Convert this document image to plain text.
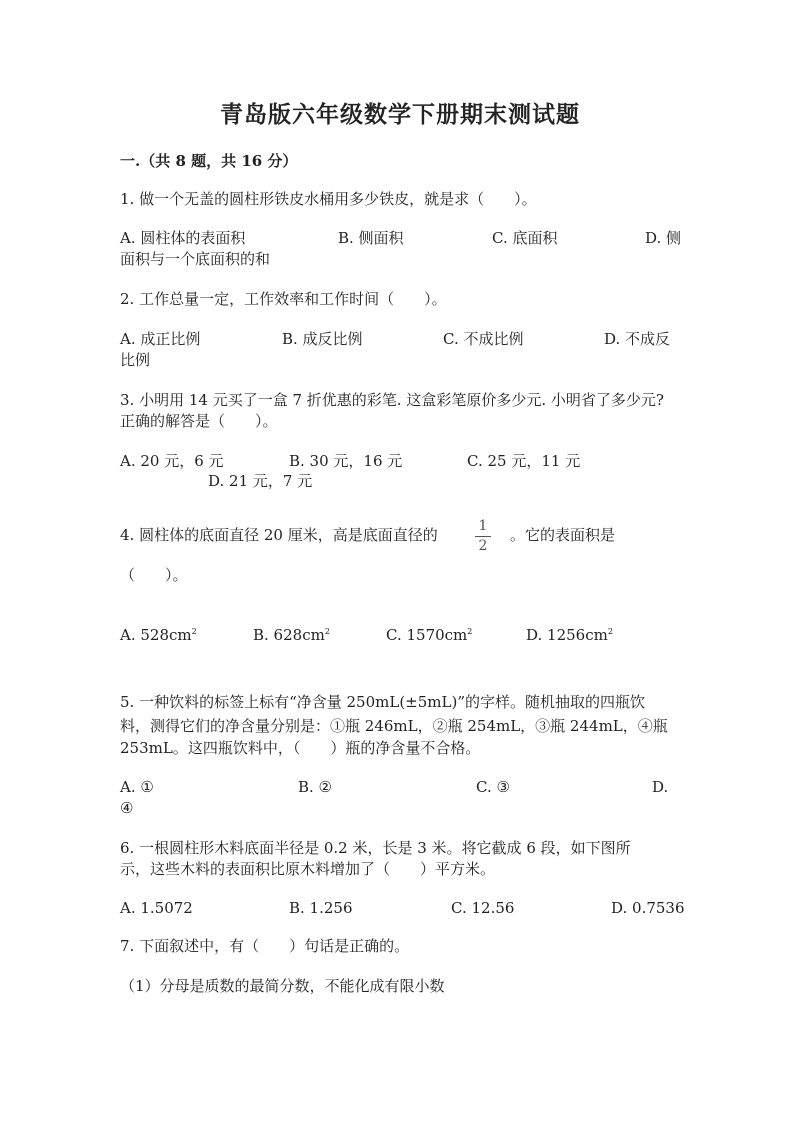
青岛版六年级数学下册期末测试题
一.（共 8 题，共 16 分）
1. 做一个无盖的圆柱形铁皮水桶用多少铁皮，就是求（　　）。
A. 圆柱体的表面积	B. 侧面积	C. 底面积	D. 侧
面积与一个底面积的和
2. 工作总量一定，工作效率和工作时间（　　）。
A. 成正比例	B. 成反比例	C. 不成比例	D. 不成反
比例
3. 小明用 14 元买了一盒 7 折优惠的彩笔. 这盒彩笔原价多少元. 小明省了多少元?
正确的解答是（　　）。
A. 20 元，6 元	B. 30 元，16 元	C. 25 元，11 元
D. 21 元，7 元
4. 圆柱体的底面直径 20 厘米，高是底面直径的	1
2
。它的表面积是
（　　）。
A. $528cm^2$	B. $628cm^2$	C. $1570cm^2$	D. $1256cm^2$
5. 一种饮料的标签上标有“净含量 250mL(±5mL)”的字样。随机抽取的四瓶饮
料，测得它们的净含量分别是：①瓶 246mL，②瓶 254mL，③瓶 244mL，④瓶
253mL。这四瓶饮料中，（　　）瓶的净含量不合格。
A. ①	B. ②	C. ③	D.
④
6. 一根圆柱形木料底面半径是 0.2 米，长是 3 米。将它截成 6 段，如下图所
示，这些木料的表面积比原木料增加了（　　）平方米。
A. 1.5072	B. 1.256	C. 12.56	D. 0.7536
7. 下面叙述中，有（　　）句话是正确的。
（1）分母是质数的最简分数，不能化成有限小数
